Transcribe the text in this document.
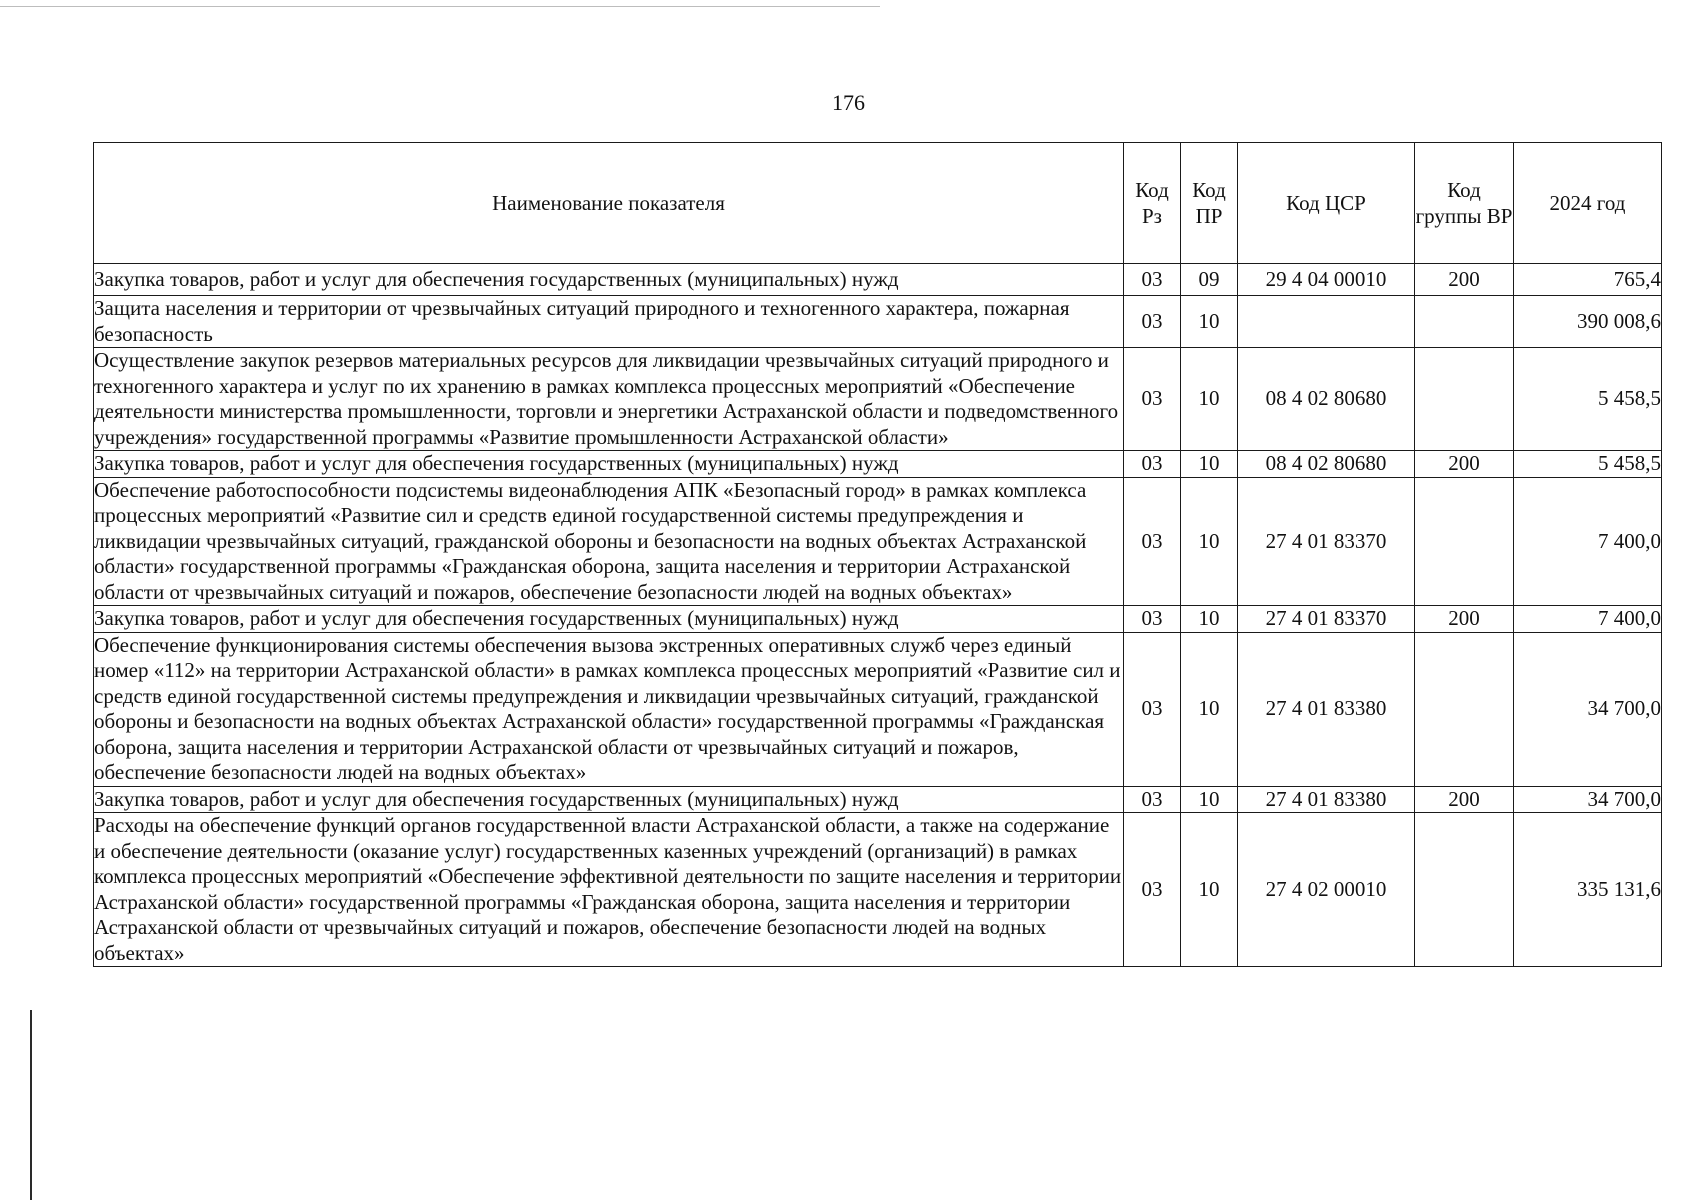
176
Наименование показателя	Код Рз	Код ПР	Код ЦСР	Код группы ВР	2024 год
Закупка товаров, работ и услуг для обеспечения государственных (муниципальных) нужд	03	09	29 4 04 00010	200	765,4
Защита населения и территории от чрезвычайных ситуаций природного и техногенного характера, пожарная безопасность	03	10			390 008,6
Осуществление закупок резервов материальных ресурсов для ликвидации чрезвычайных ситуаций природного и техногенного характера и услуг по их хранению в рамках комплекса процессных мероприятий «Обеспечение деятельности министерства промышленности, торговли и энергетики Астраханской области и подведомственного учреждения» государственной программы «Развитие промышленности Астраханской области»	03	10	08 4 02 80680		5 458,5
Закупка товаров, работ и услуг для обеспечения государственных (муниципальных) нужд	03	10	08 4 02 80680	200	5 458,5
Обеспечение работоспособности подсистемы видеонаблюдения АПК «Безопасный город» в рамках комплекса процессных мероприятий «Развитие сил и средств единой государственной системы предупреждения и ликвидации чрезвычайных ситуаций, гражданской обороны и безопасности на водных объектах Астраханской области» государственной программы «Гражданская оборона, защита населения и территории Астраханской области от чрезвычайных ситуаций и пожаров, обеспечение безопасности людей на водных объектах»	03	10	27 4 01 83370		7 400,0
Закупка товаров, работ и услуг для обеспечения государственных (муниципальных) нужд	03	10	27 4 01 83370	200	7 400,0
Обеспечение функционирования системы обеспечения вызова экстренных оперативных служб через единый номер «112» на территории Астраханской области» в рамках комплекса процессных мероприятий «Развитие сил и средств единой государственной системы предупреждения и ликвидации чрезвычайных ситуаций, гражданской обороны и безопасности на водных объектах Астраханской области» государственной программы «Гражданская оборона, защита населения и территории Астраханской области от чрезвычайных ситуаций и пожаров, обеспечение безопасности людей на водных объектах»	03	10	27 4 01 83380		34 700,0
Закупка товаров, работ и услуг для обеспечения государственных (муниципальных) нужд	03	10	27 4 01 83380	200	34 700,0
Расходы на обеспечение функций органов государственной власти Астраханской области, а также на содержание и обеспечение деятельности (оказание услуг) государственных казенных учреждений (организаций) в рамках комплекса процессных мероприятий «Обеспечение эффективной деятельности по защите населения и территории Астраханской области» государственной программы «Гражданская оборона, защита населения и территории Астраханской области от чрезвычайных ситуаций и пожаров, обеспечение безопасности людей на водных объектах»	03	10	27 4 02 00010		335 131,6
